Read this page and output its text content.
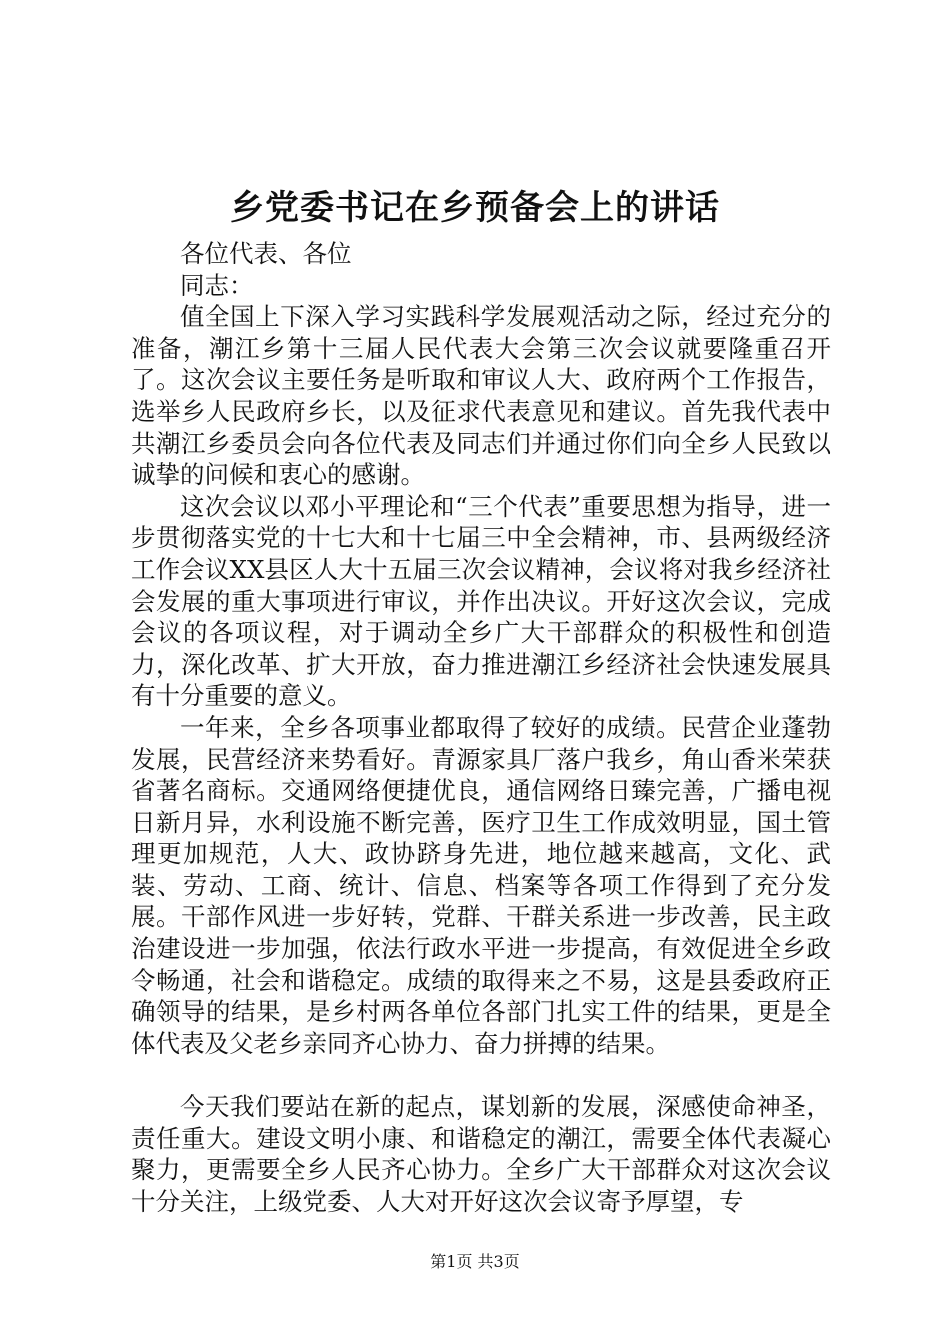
乡党委书记在乡预备会上的讲话

各位代表、各位

同志：

值全国上下深入学习实践科学发展观活动之际，经过充分的准备，潮江乡第十三届人民代表大会第三次会议就要隆重召开了。这次会议主要任务是听取和审议人大、政府两个工作报告，选举乡人民政府乡长，以及征求代表意见和建议。首先我代表中共潮江乡委员会向各位代表及同志们并通过你们向全乡人民致以诚挚的问候和衷心的感谢。

这次会议以邓小平理论和“三个代表”重要思想为指导，进一步贯彻落实党的十七大和十七届三中全会精神，市、县两级经济工作会议XX县区人大十五届三次会议精神，会议将对我乡经济社会发展的重大事项进行审议，并作出决议。开好这次会议，完成会议的各项议程，对于调动全乡广大干部群众的积极性和创造力，深化改革、扩大开放，奋力推进潮江乡经济社会快速发展具有十分重要的意义。

一年来，全乡各项事业都取得了较好的成绩。民营企业蓬勃发展，民营经济来势看好。青源家具厂落户我乡，角山香米荣获省著名商标。交通网络便捷优良，通信网络日臻完善，广播电视日新月异，水利设施不断完善，医疗卫生工作成效明显，国土管理更加规范，人大、政协跻身先进，地位越来越高，文化、武装、劳动、工商、统计、信息、档案等各项工作得到了充分发展。干部作风进一步好转，党群、干群关系进一步改善，民主政治建设进一步加强，依法行政水平进一步提高，有效促进全乡政令畅通，社会和谐稳定。成绩的取得来之不易，这是县委政府正确领导的结果，是乡村两各单位各部门扎实工件的结果，更是全体代表及父老乡亲同齐心协力、奋力拼搏的结果。

今天我们要站在新的起点，谋划新的发展，深感使命神圣，责任重大。建设文明小康、和谐稳定的潮江，需要全体代表凝心聚力，更需要全乡人民齐心协力。全乡广大干部群众对这次会议十分关注，上级党委、人大对开好这次会议寄予厚望，专

第1页 共3页
